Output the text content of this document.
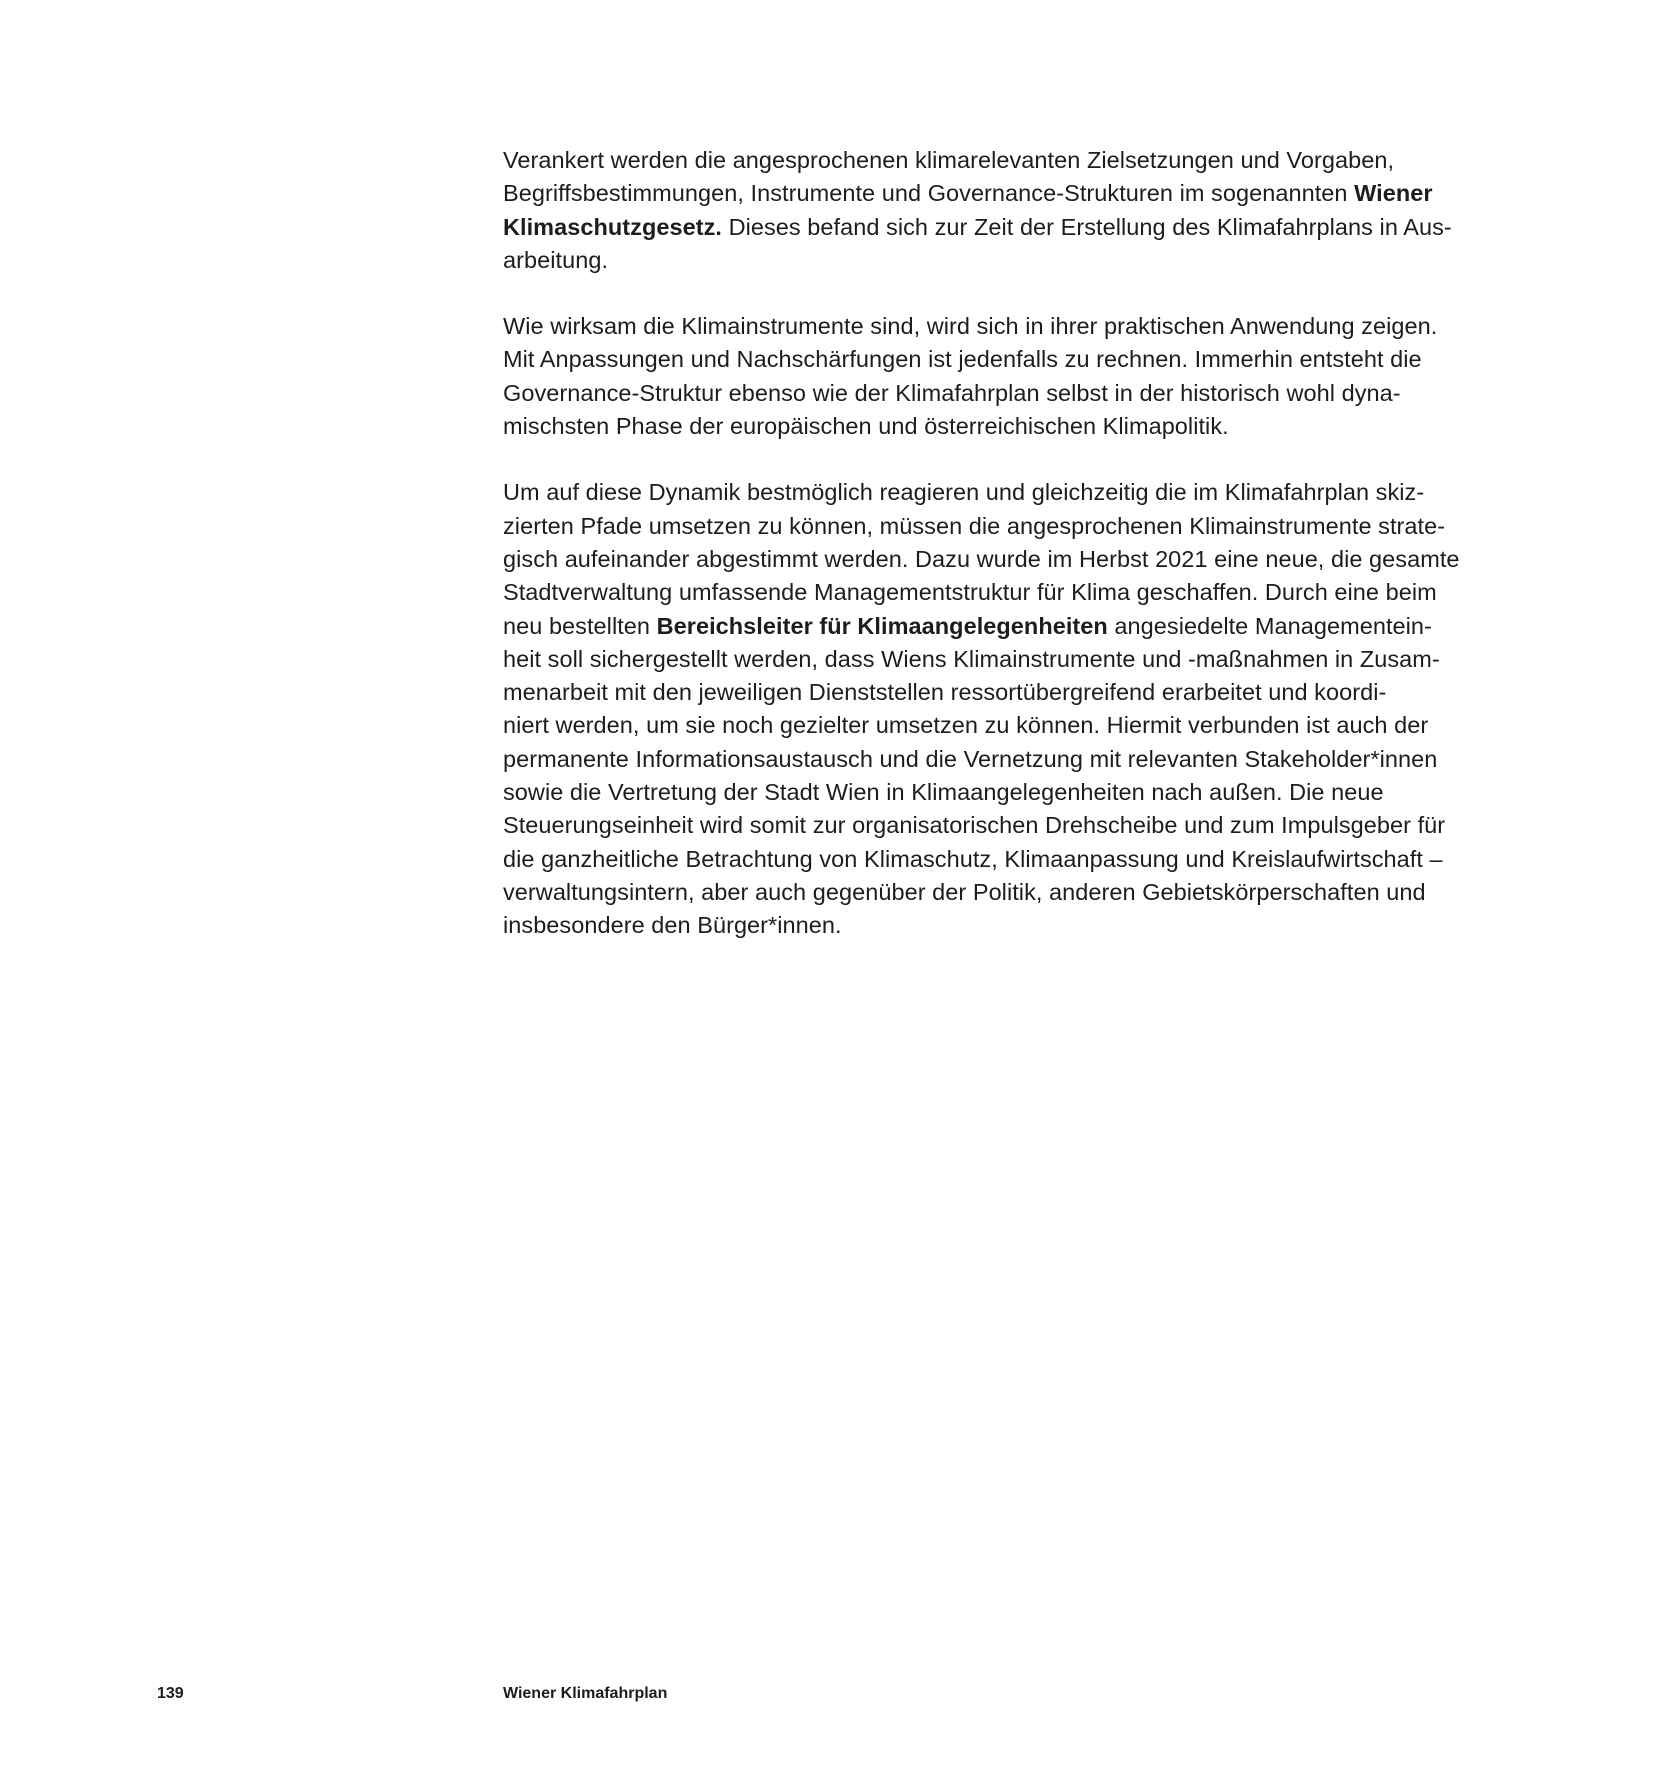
Verankert werden die angesprochenen klimarelevanten Zielsetzungen und Vorgaben,
Begriffsbestimmungen, Instrumente und Governance-Strukturen im sogenannten Wiener
Klimaschutzgesetz. Dieses befand sich zur Zeit der Erstellung des Klimafahrplans in Aus-
arbeitung.

Wie wirksam die Klimainstrumente sind, wird sich in ihrer praktischen Anwendung zeigen.
Mit Anpassungen und Nachschärfungen ist jedenfalls zu rechnen. Immerhin entsteht die
Governance-Struktur ebenso wie der Klimafahrplan selbst in der historisch wohl dyna-
mischsten Phase der europäischen und österreichischen Klimapolitik.

Um auf diese Dynamik bestmöglich reagieren und gleichzeitig die im Klimafahrplan skiz-
zierten Pfade umsetzen zu können, müssen die angesprochenen Klimainstrumente strate-
gisch aufeinander abgestimmt werden. Dazu wurde im Herbst 2021 eine neue, die gesamte
Stadtverwaltung umfassende Managementstruktur für Klima geschaffen. Durch eine beim
neu bestellten Bereichsleiter für Klimaangelegenheiten angesiedelte Managementein-
heit soll sichergestellt werden, dass Wiens Klimainstrumente und -maßnahmen in Zusam-
menarbeit mit den jeweiligen Dienststellen ressortübergreifend erarbeitet und koordi-
niert werden, um sie noch gezielter umsetzen zu können. Hiermit verbunden ist auch der
permanente Informationsaustausch und die Vernetzung mit relevanten Stakeholder*innen
sowie die Vertretung der Stadt Wien in Klimaangelegenheiten nach außen. Die neue
Steuerungseinheit wird somit zur organisatorischen Drehscheibe und zum Impulsgeber für
die ganzheitliche Betrachtung von Klimaschutz, Klimaanpassung und Kreislaufwirtschaft –
verwaltungsintern, aber auch gegenüber der Politik, anderen Gebietskörperschaften und
insbesondere den Bürger*innen.

139	Wiener Klimafahrplan
